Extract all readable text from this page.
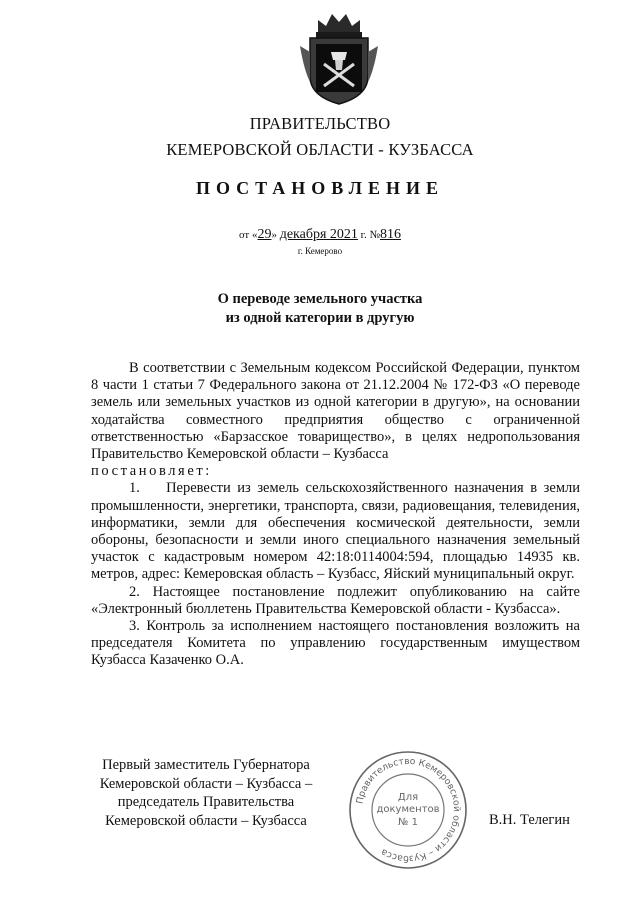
ПРАВИТЕЛЬСТВО
КЕМЕРОВСКОЙ ОБЛАСТИ - КУЗБАССА
ПОСТАНОВЛЕНИЕ
от «29» декабря 2021 г. №816
г. Кемерово
О переводе земельного участка
из одной категории в другую

В соответствии с Земельным кодексом Российской Федерации, пунктом 8 части 1 статьи 7 Федерального закона от 21.12.2004 № 172-ФЗ «О переводе земель или земельных участков из одной категории в другую», на основании ходатайства совместного предприятия общество с ограниченной ответственностью «Барзасское товарищество», в целях недропользования Правительство Кемеровской области – Кузбасса

постановляет:

1.    Перевести из земель сельскохозяйственного назначения в земли промышленности, энергетики, транспорта, связи, радиовещания, телевидения, информатики, земли для обеспечения космической деятельности, земли обороны, безопасности и земли иного специального назначения земельный участок с кадастровым номером 42:18:0114004:594, площадью 14935 кв. метров, адрес: Кемеровская область – Кузбасс, Яйский муниципальный округ.

2. Настоящее постановление подлежит опубликованию на сайте «Электронный бюллетень Правительства Кемеровской области - Кузбасса».

3. Контроль за исполнением настоящего постановления возложить на председателя Комитета по управлению государственным имуществом Кузбасса Казаченко О.А.

Первый заместитель Губернатора
Кемеровской области – Кузбасса –
председатель Правительства
Кемеровской области – Кузбасса	В.Н. Телегин
Правительство Кемеровской области – Кузбасса
Для
документов
№ 1
